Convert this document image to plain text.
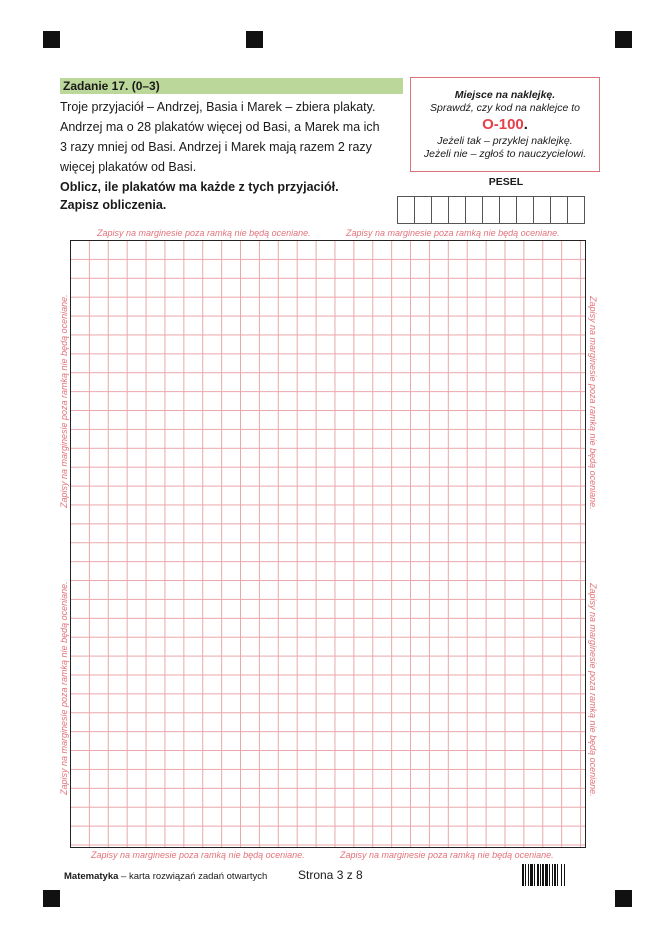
Zadanie 17. (0–3)

Troje przyjaciół – Andrzej, Basia i Marek – zbiera plakaty.
Andrzej ma o 28 plakatów więcej od Basi, a Marek ma ich
3 razy mniej od Basi. Andrzej i Marek mają razem 2 razy
więcej plakatów od Basi.

Oblicz, ile plakatów ma każde z tych przyjaciół.
Zapisz obliczenia.

Miejsce na naklejkę.
Sprawdź, czy kod na naklejce to
O-100.
Jeżeli tak – przyklej naklejkę.
Jeżeli nie – zgłoś to nauczycielowi.
PESEL
Zapisy na marginesie poza ramką nie będą oceniane.	Zapisy na marginesie poza ramką nie będą oceniane.
Zapisy na marginesie poza ramką nie będą oceniane.	Zapisy na marginesie poza ramką nie będą oceniane.
Zapisy na marginesie poza ramką nie będą oceniane.
Zapisy na marginesie poza ramką nie będą oceniane.
Zapisy na marginesie poza ramką nie będą oceniane.
Zapisy na marginesie poza ramką nie będą oceniane.
Matematyka – karta rozwiązań zadań otwartych	Strona 3 z 8
